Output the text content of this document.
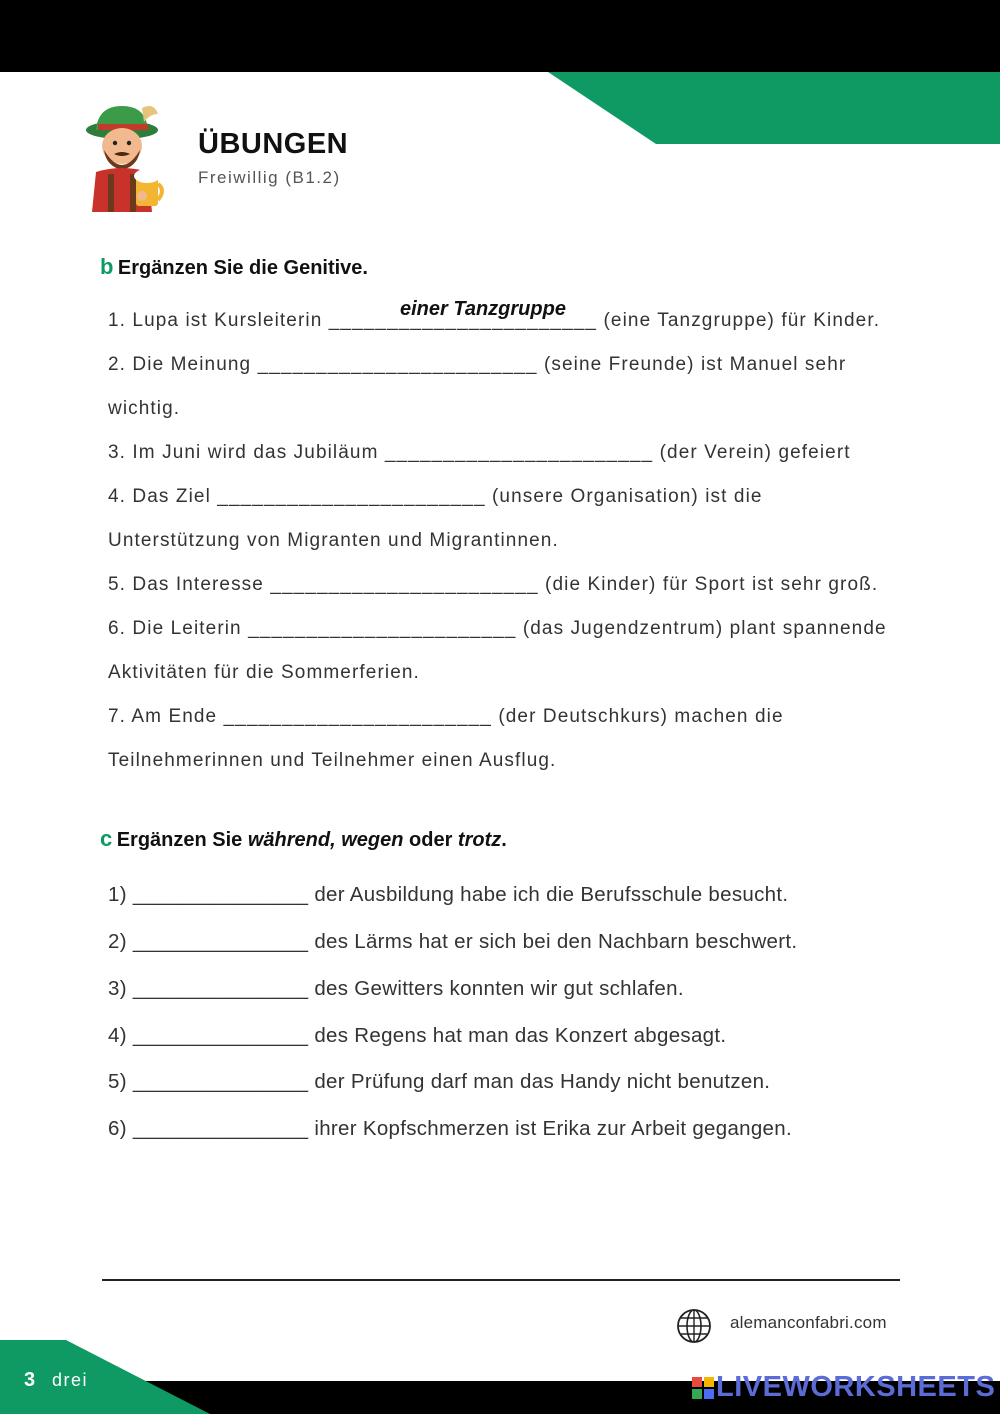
ÜBUNGEN
Freiwillig (B1.2)
b Ergänzen Sie die Genitive.
einer Tanzgruppe
1. Lupa ist Kursleiterin _______________________ (eine Tanzgruppe) für Kinder.
2. Die Meinung ________________________ (seine Freunde) ist Manuel sehr
wichtig.
3. Im Juni wird das Jubiläum _______________________ (der Verein) gefeiert
4. Das Ziel _______________________ (unsere Organisation) ist die
Unterstützung von Migranten und Migrantinnen.
5. Das Interesse _______________________ (die Kinder) für Sport ist sehr groß.
6. Die Leiterin _______________________ (das Jugendzentrum) plant spannende
Aktivitäten für die Sommerferien.
7. Am Ende _______________________ (der Deutschkurs) machen die
Teilnehmerinnen und Teilnehmer einen Ausflug.
c Ergänzen Sie während, wegen oder trotz.
1) _______________ der Ausbildung habe ich die Berufsschule besucht.
2) _______________ des Lärms hat er sich bei den Nachbarn beschwert.
3) _______________ des Gewitters konnten wir gut schlafen.
4) _______________ des Regens hat man das Konzert abgesagt.
5) _______________ der Prüfung darf man das Handy nicht benutzen.
6) _______________ ihrer Kopfschmerzen ist Erika zur Arbeit gegangen.
alemanconfabri.com
3 drei	LIVEWORKSHEETS
